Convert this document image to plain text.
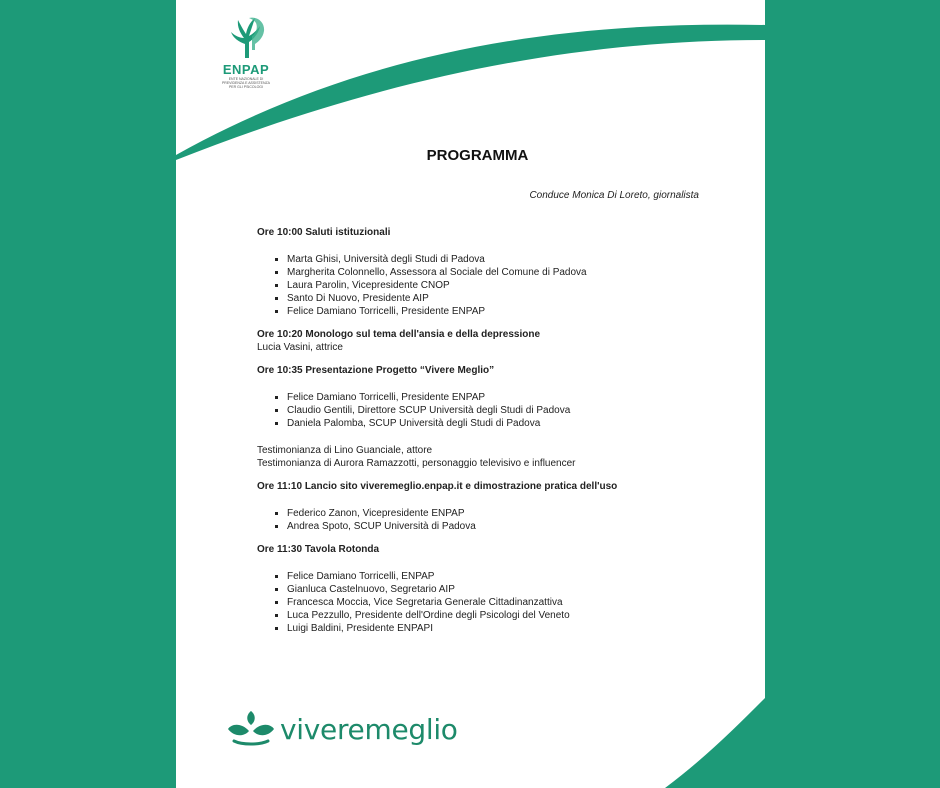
ENPAP
ENTE NAZIONALE DI PREVIDENZA E ASSISTENZA PER GLI PSICOLOGI
PROGRAMMA
Conduce Monica Di Loreto, giornalista

Ore 10:00 Saluti istituzionali

Marta Ghisi, Università degli Studi di Padova
Margherita Colonnello, Assessora al Sociale del Comune di Padova
Laura Parolin, Vicepresidente CNOP
Santo Di Nuovo, Presidente AIP
Felice Damiano Torricelli, Presidente ENPAP

Ore 10:20 Monologo sul tema dell'ansia e della depressione

Lucia Vasini, attrice

Ore 10:35 Presentazione Progetto “Vivere Meglio”

Felice Damiano Torricelli, Presidente ENPAP
Claudio Gentili, Direttore SCUP Università degli Studi di Padova
Daniela Palomba, SCUP Università degli Studi di Padova

Testimonianza di Lino Guanciale, attore

Testimonianza di Aurora Ramazzotti, personaggio televisivo e influencer

Ore 11:10 Lancio sito viveremeglio.enpap.it e dimostrazione pratica dell'uso

Federico Zanon, Vicepresidente ENPAP
Andrea Spoto, SCUP Università di Padova

Ore 11:30 Tavola Rotonda

Felice Damiano Torricelli, ENPAP
Gianluca Castelnuovo, Segretario AIP
Francesca Moccia, Vice Segretaria Generale Cittadinanzattiva
Luca Pezzullo, Presidente dell'Ordine degli Psicologi del Veneto
Luigi Baldini, Presidente ENPAPI
viveremeglio
